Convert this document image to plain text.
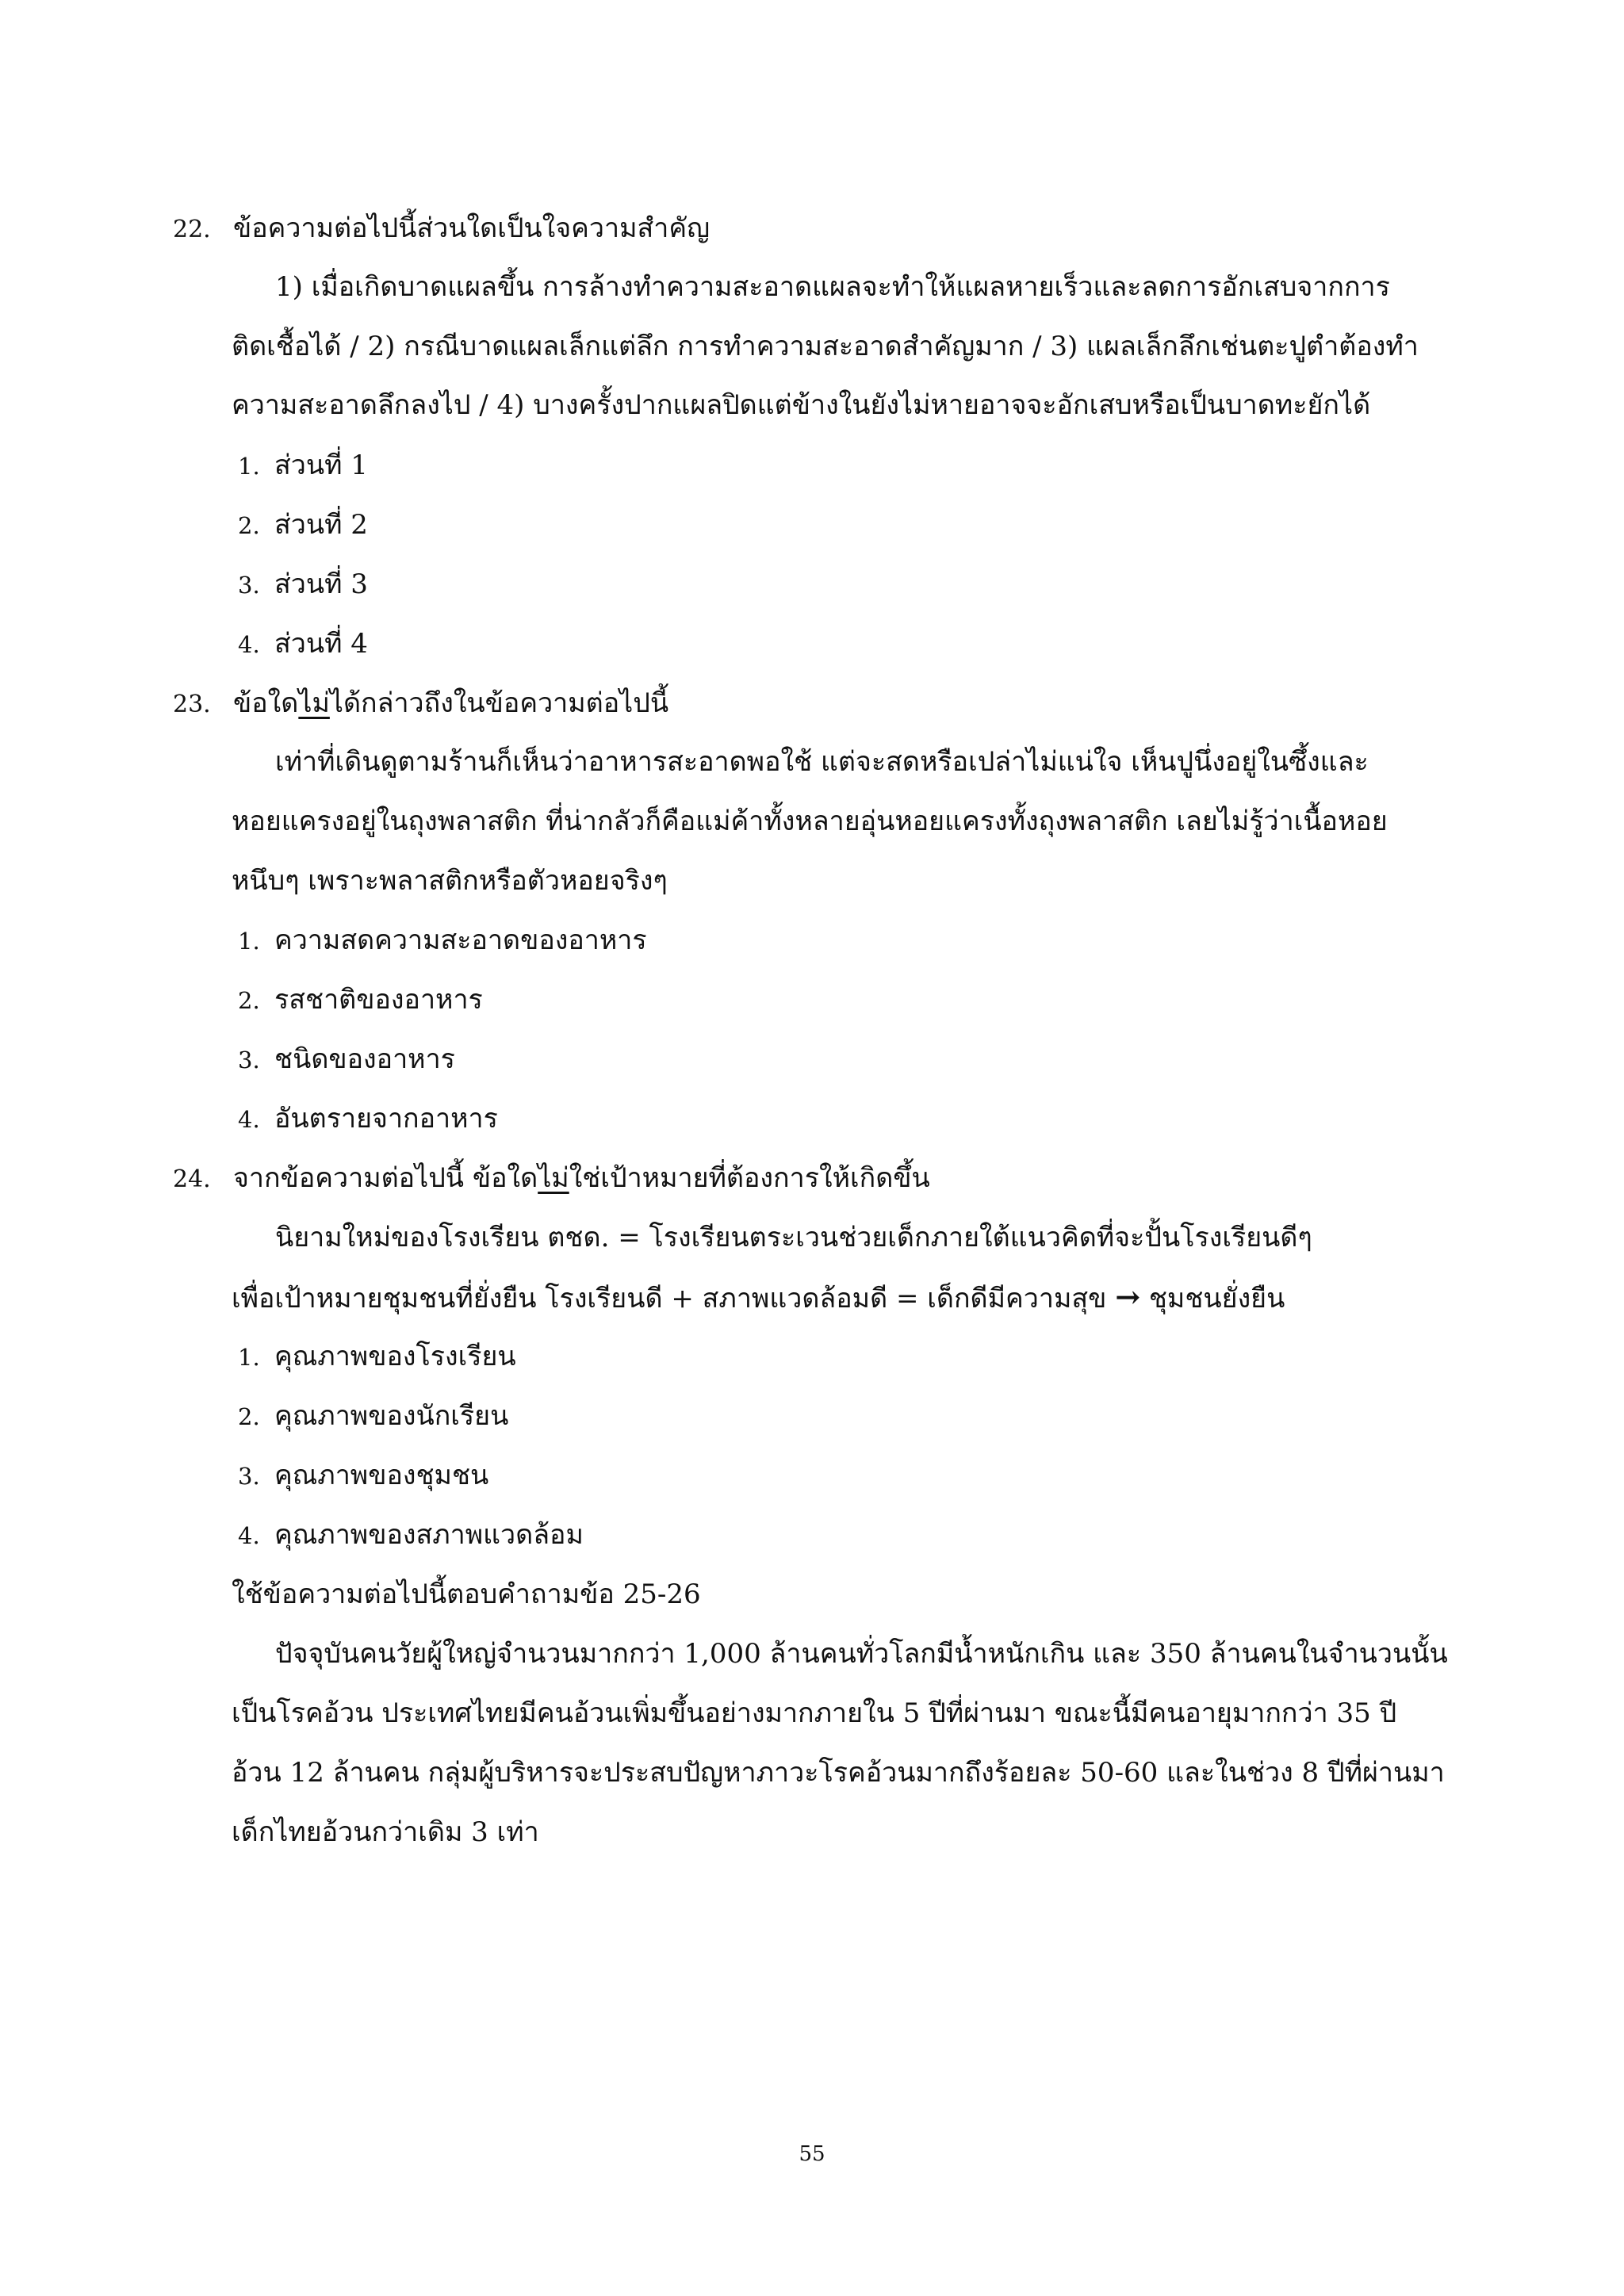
22. ข้อความต่อไปนี้ส่วนใดเป็นใจความสำคัญ
1) เมื่อเกิดบาดแผลขึ้น การล้างทำความสะอาดแผลจะทำให้แผลหายเร็วและลดการอักเสบจากการ
ติดเชื้อได้ / 2) กรณีบาดแผลเล็กแต่ลึก การทำความสะอาดสำคัญมาก / 3) แผลเล็กลึกเช่นตะปูตำต้องทำ
ความสะอาดลึกลงไป / 4) บางครั้งปากแผลปิดแต่ข้างในยังไม่หายอาจจะอักเสบหรือเป็นบาดทะยักได้
1. ส่วนที่ 1
2. ส่วนที่ 2
3. ส่วนที่ 3
4. ส่วนที่ 4
23. ข้อใดไม่ได้กล่าวถึงในข้อความต่อไปนี้
เท่าที่เดินดูตามร้านก็เห็นว่าอาหารสะอาดพอใช้ แต่จะสดหรือเปล่าไม่แน่ใจ เห็นปูนึ่งอยู่ในซึ้งและ
หอยแครงอยู่ในถุงพลาสติก ที่น่ากลัวก็คือแม่ค้าทั้งหลายอุ่นหอยแครงทั้งถุงพลาสติก เลยไม่รู้ว่าเนื้อหอย
หนึบๆ เพราะพลาสติกหรือตัวหอยจริงๆ
1. ความสดความสะอาดของอาหาร
2. รสชาติของอาหาร
3. ชนิดของอาหาร
4. อันตรายจากอาหาร
24. จากข้อความต่อไปนี้ ข้อใดไม่ใช่เป้าหมายที่ต้องการให้เกิดขึ้น
นิยามใหม่ของโรงเรียน ตชด. = โรงเรียนตระเวนช่วยเด็กภายใต้แนวคิดที่จะปั้นโรงเรียนดีๆ
เพื่อเป้าหมายชุมชนที่ยั่งยืน โรงเรียนดี + สภาพแวดล้อมดี = เด็กดีมีความสุข → ชุมชนยั่งยืน
1. คุณภาพของโรงเรียน
2. คุณภาพของนักเรียน
3. คุณภาพของชุมชน
4. คุณภาพของสภาพแวดล้อม
ใช้ข้อความต่อไปนี้ตอบคำถามข้อ 25-26
ปัจจุบันคนวัยผู้ใหญ่จำนวนมากกว่า 1,000 ล้านคนทั่วโลกมีน้ำหนักเกิน และ 350 ล้านคนในจำนวนนั้น
เป็นโรคอ้วน ประเทศไทยมีคนอ้วนเพิ่มขึ้นอย่างมากภายใน 5 ปีที่ผ่านมา ขณะนี้มีคนอายุมากกว่า 35 ปี
อ้วน 12 ล้านคน กลุ่มผู้บริหารจะประสบปัญหาภาวะโรคอ้วนมากถึงร้อยละ 50-60 และในช่วง 8 ปีที่ผ่านมา
เด็กไทยอ้วนกว่าเดิม 3 เท่า
55
